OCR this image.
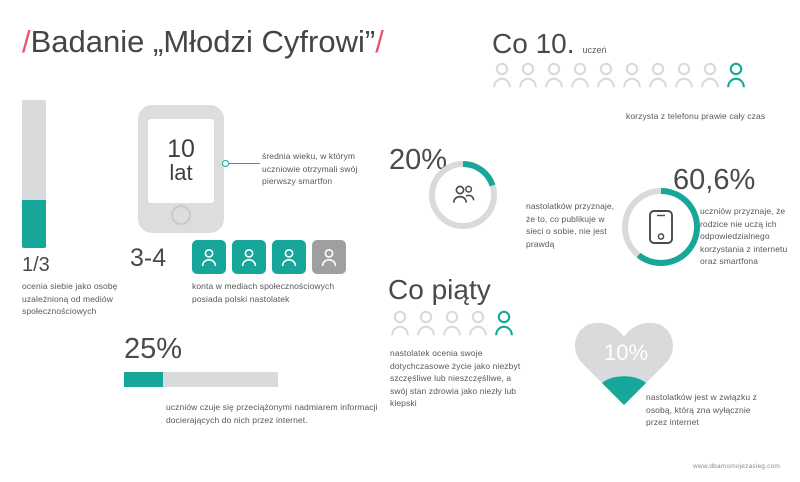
/ Badanie „Młodzi Cyfrowi” /	Co 10. uczeń
korzysta z telefonu prawie cały czas
1/3
ocenia siebie jako osobę uzależnioną od mediów społecznościowych
10
lat
średnia wieku, w którym uczniowie otrzymali swój pierwszy smartfon
3-4
konta w mediach społecznościowych posiada polski nastolatek
25%
uczniów czuje się przeciążonymi nadmiarem informacji docierających do nich przez internet.
20%
nastolatków przyznaje, że to, co publikuje w sieci o sobie, nie jest prawdą
Co piąty
nastolatek ocenia swoje dotychczasowe życie jako niezbyt szczęśliwe lub nieszczęśliwe, a swój stan zdrowia jako niezły lub kiepski
60,6%
uczniów przyznaje, że rodzice nie uczą ich odpowiedzialnego korzystania z internetu oraz smartfona
10%
nastolatków jest w związku z osobą, którą zna wyłącznie przez internet
www.dbamomojezasieg.com
